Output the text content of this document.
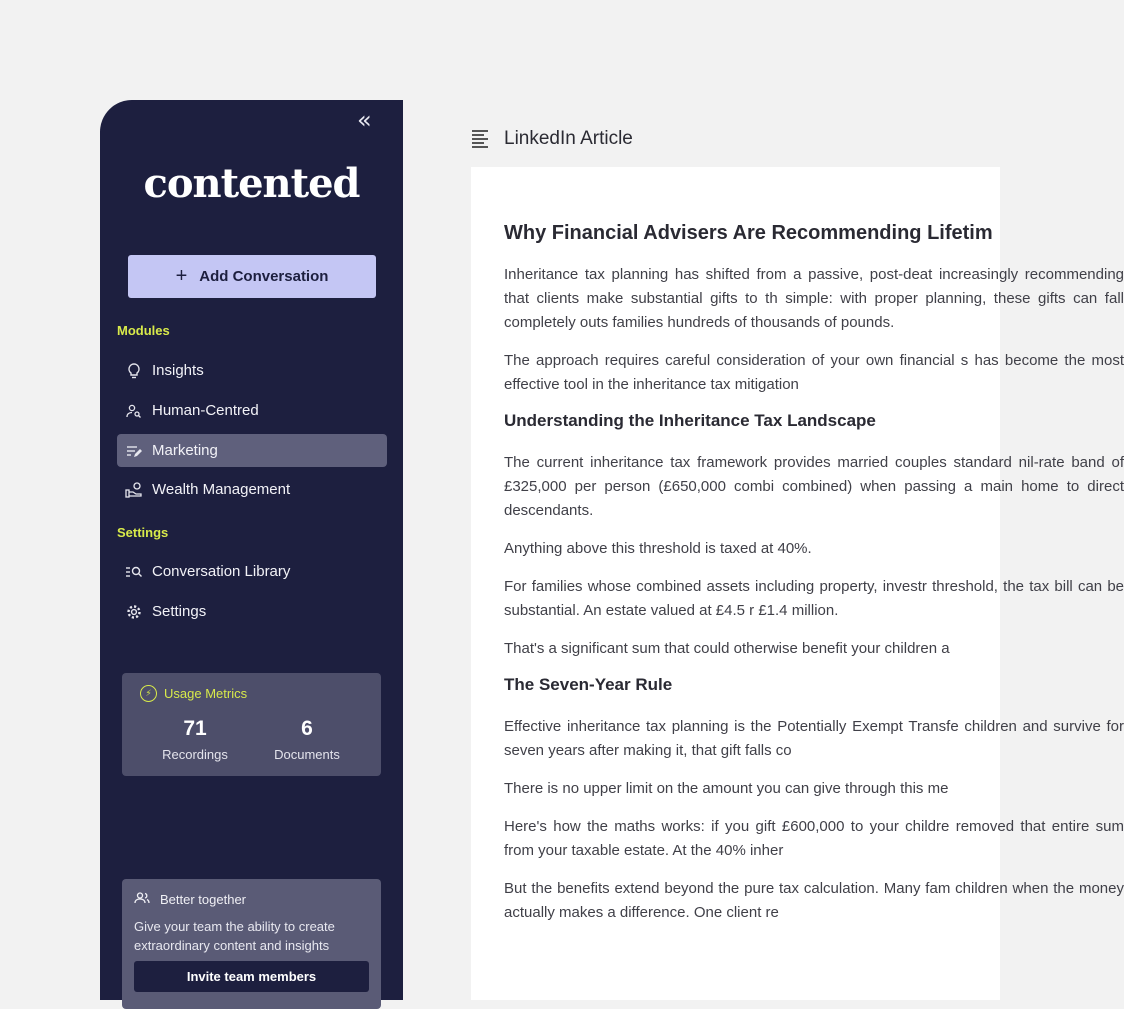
«
contented
+ Add Conversation
Modules
Insights
Human-Centred
Marketing
Wealth Management
Settings
Conversation Library
Settings
⚡ Usage Metrics
71
Recordings
6
Documents
Better together
Give your team the ability to create extraordinary content and insights
Invite team members
LinkedIn Article
Why Financial Advisers Are Recommending Lifetim

Inheritance tax planning has shifted from a passive, post-deat increasingly recommending that clients make substantial gifts to th simple: with proper planning, these gifts can fall completely outs families hundreds of thousands of pounds.

The approach requires careful consideration of your own financial s has become the most effective tool in the inheritance tax mitigation

Understanding the Inheritance Tax Landscape

The current inheritance tax framework provides married couples standard nil-rate band of £325,000 per person (£650,000 combi combined) when passing a main home to direct descendants.

Anything above this threshold is taxed at 40%.

For families whose combined assets including property, investr threshold, the tax bill can be substantial. An estate valued at £4.5 r £1.4 million.

That's a significant sum that could otherwise benefit your children a

The Seven-Year Rule

Effective inheritance tax planning is the Potentially Exempt Transfe children and survive for seven years after making it, that gift falls co

There is no upper limit on the amount you can give through this me

Here's how the maths works: if you gift £600,000 to your childre removed that entire sum from your taxable estate. At the 40% inher

But the benefits extend beyond the pure tax calculation. Many fam children when the money actually makes a difference. One client re
